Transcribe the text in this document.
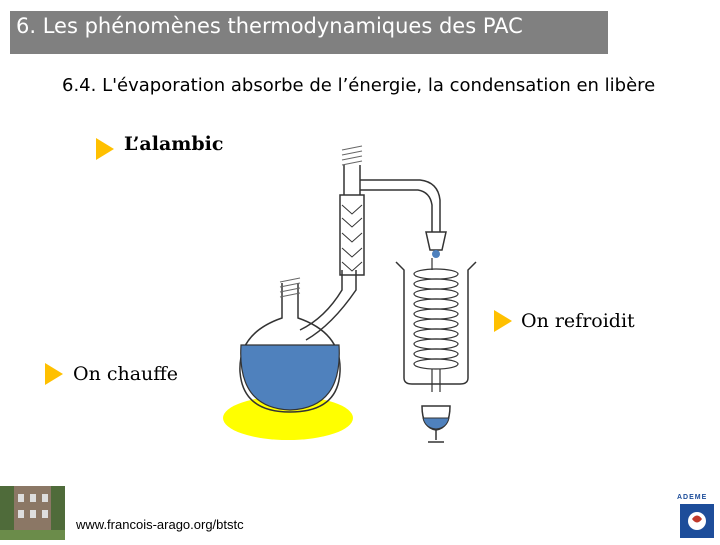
6. Les phénomènes thermodynamiques des PAC
6.4. L'évaporation absorbe de l’énergie, la condensation en libère
L’alambic
On refroidit
On chauffe
www.francois-arago.org/btstc
ADEME
